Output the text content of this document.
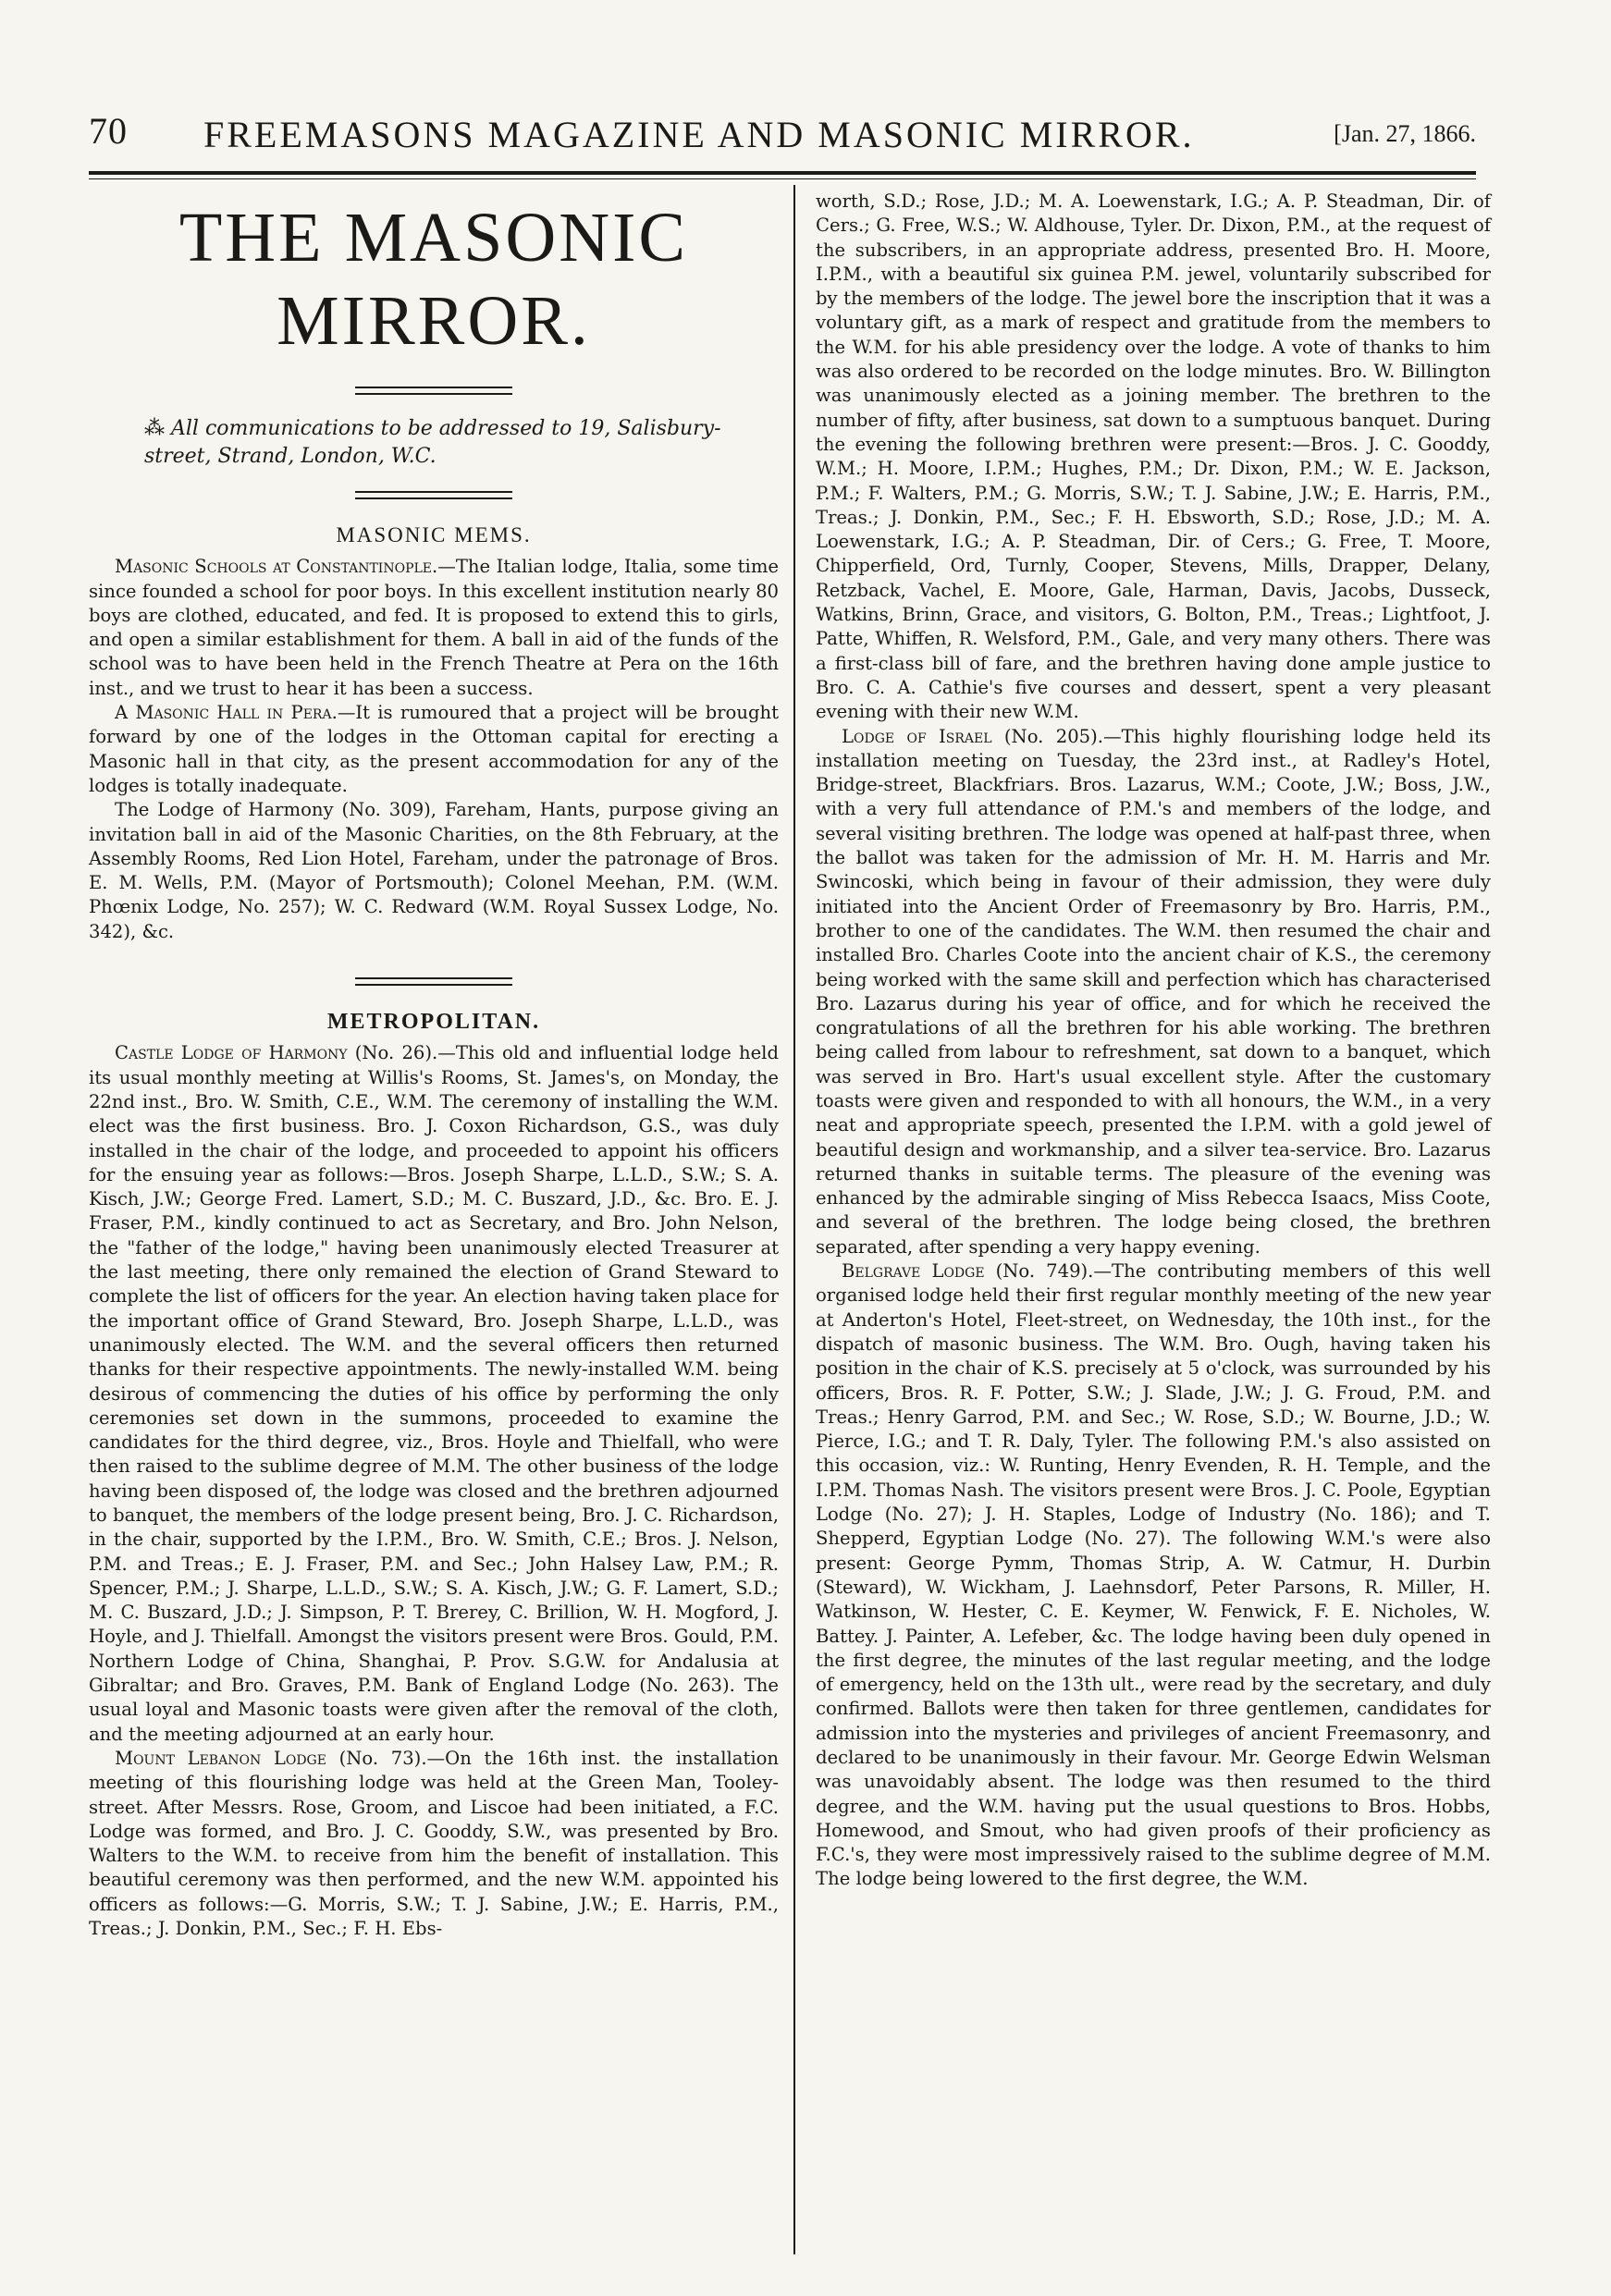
70 FREEMASONS MAGAZINE AND MASONIC MIRROR.	[Jan. 27, 1866.
THE MASONIC MIRROR.
⁂ All communications to be addressed to 19, Salisbury-street, Strand, London, W.C.
MASONIC MEMS.

Masonic Schools at Constantinople.—The Italian lodge, Italia, some time since founded a school for poor boys. In this excellent institution nearly 80 boys are clothed, educated, and fed. It is proposed to extend this to girls, and open a similar establishment for them. A ball in aid of the funds of the school was to have been held in the French Theatre at Pera on the 16th inst., and we trust to hear it has been a success.

A Masonic Hall in Pera.—It is rumoured that a project will be brought forward by one of the lodges in the Ottoman capital for erecting a Masonic hall in that city, as the present accommodation for any of the lodges is totally inadequate.

The Lodge of Harmony (No. 309), Fareham, Hants, purpose giving an invitation ball in aid of the Masonic Charities, on the 8th February, at the Assembly Rooms, Red Lion Hotel, Fareham, under the patronage of Bros. E. M. Wells, P.M. (Mayor of Portsmouth); Colonel Meehan, P.M. (W.M. Phœnix Lodge, No. 257); W. C. Redward (W.M. Royal Sussex Lodge, No. 342), &c.

METROPOLITAN.

Castle Lodge of Harmony (No. 26).—This old and influential lodge held its usual monthly meeting at Willis's Rooms, St. James's, on Monday, the 22nd inst., Bro. W. Smith, C.E., W.M. The ceremony of installing the W.M. elect was the first business. Bro. J. Coxon Richardson, G.S., was duly installed in the chair of the lodge, and proceeded to appoint his officers for the ensuing year as follows:—Bros. Joseph Sharpe, L.L.D., S.W.; S. A. Kisch, J.W.; George Fred. Lamert, S.D.; M. C. Buszard, J.D., &c. Bro. E. J. Fraser, P.M., kindly continued to act as Secretary, and Bro. John Nelson, the "father of the lodge," having been unanimously elected Treasurer at the last meeting, there only remained the election of Grand Steward to complete the list of officers for the year. An election having taken place for the important office of Grand Steward, Bro. Joseph Sharpe, L.L.D., was unanimously elected. The W.M. and the several officers then returned thanks for their respective appointments. The newly-installed W.M. being desirous of commencing the duties of his office by performing the only ceremonies set down in the summons, proceeded to examine the candidates for the third degree, viz., Bros. Hoyle and Thielfall, who were then raised to the sublime degree of M.M. The other business of the lodge having been disposed of, the lodge was closed and the brethren adjourned to banquet, the members of the lodge present being, Bro. J. C. Richardson, in the chair, supported by the I.P.M., Bro. W. Smith, C.E.; Bros. J. Nelson, P.M. and Treas.; E. J. Fraser, P.M. and Sec.; John Halsey Law, P.M.; R. Spencer, P.M.; J. Sharpe, L.L.D., S.W.; S. A. Kisch, J.W.; G. F. Lamert, S.D.; M. C. Buszard, J.D.; J. Simpson, P. T. Brerey, C. Brillion, W. H. Mogford, J. Hoyle, and J. Thielfall. Amongst the visitors present were Bros. Gould, P.M. Northern Lodge of China, Shanghai, P. Prov. S.G.W. for Andalusia at Gibraltar; and Bro. Graves, P.M. Bank of England Lodge (No. 263). The usual loyal and Masonic toasts were given after the removal of the cloth, and the meeting adjourned at an early hour.

Mount Lebanon Lodge (No. 73).—On the 16th inst. the installation meeting of this flourishing lodge was held at the Green Man, Tooley-street. After Messrs. Rose, Groom, and Liscoe had been initiated, a F.C. Lodge was formed, and Bro. J. C. Gooddy, S.W., was presented by Bro. Walters to the W.M. to receive from him the benefit of installation. This beautiful ceremony was then performed, and the new W.M. appointed his officers as follows:—G. Morris, S.W.; T. J. Sabine, J.W.; E. Harris, P.M., Treas.; J. Donkin, P.M., Sec.; F. H. Ebs-

worth, S.D.; Rose, J.D.; M. A. Loewenstark, I.G.; A. P. Steadman, Dir. of Cers.; G. Free, W.S.; W. Aldhouse, Tyler. Dr. Dixon, P.M., at the request of the subscribers, in an appropriate address, presented Bro. H. Moore, I.P.M., with a beautiful six guinea P.M. jewel, voluntarily subscribed for by the members of the lodge. The jewel bore the inscription that it was a voluntary gift, as a mark of respect and gratitude from the members to the W.M. for his able presidency over the lodge. A vote of thanks to him was also ordered to be recorded on the lodge minutes. Bro. W. Billington was unanimously elected as a joining member. The brethren to the number of fifty, after business, sat down to a sumptuous banquet. During the evening the following brethren were present:—Bros. J. C. Gooddy, W.M.; H. Moore, I.P.M.; Hughes, P.M.; Dr. Dixon, P.M.; W. E. Jackson, P.M.; F. Walters, P.M.; G. Morris, S.W.; T. J. Sabine, J.W.; E. Harris, P.M., Treas.; J. Donkin, P.M., Sec.; F. H. Ebsworth, S.D.; Rose, J.D.; M. A. Loewenstark, I.G.; A. P. Steadman, Dir. of Cers.; G. Free, T. Moore, Chipperfield, Ord, Turnly, Cooper, Stevens, Mills, Drapper, Delany, Retzback, Vachel, E. Moore, Gale, Harman, Davis, Jacobs, Dusseck, Watkins, Brinn, Grace, and visitors, G. Bolton, P.M., Treas.; Lightfoot, J. Patte, Whiffen, R. Welsford, P.M., Gale, and very many others. There was a first-class bill of fare, and the brethren having done ample justice to Bro. C. A. Cathie's five courses and dessert, spent a very pleasant evening with their new W.M.

Lodge of Israel (No. 205).—This highly flourishing lodge held its installation meeting on Tuesday, the 23rd inst., at Radley's Hotel, Bridge-street, Blackfriars. Bros. Lazarus, W.M.; Coote, J.W.; Boss, J.W., with a very full attendance of P.M.'s and members of the lodge, and several visiting brethren. The lodge was opened at half-past three, when the ballot was taken for the admission of Mr. H. M. Harris and Mr. Swincoski, which being in favour of their admission, they were duly initiated into the Ancient Order of Freemasonry by Bro. Harris, P.M., brother to one of the candidates. The W.M. then resumed the chair and installed Bro. Charles Coote into the ancient chair of K.S., the ceremony being worked with the same skill and perfection which has characterised Bro. Lazarus during his year of office, and for which he received the congratulations of all the brethren for his able working. The brethren being called from labour to refreshment, sat down to a banquet, which was served in Bro. Hart's usual excellent style. After the customary toasts were given and responded to with all honours, the W.M., in a very neat and appropriate speech, presented the I.P.M. with a gold jewel of beautiful design and workmanship, and a silver tea-service. Bro. Lazarus returned thanks in suitable terms. The pleasure of the evening was enhanced by the admirable singing of Miss Rebecca Isaacs, Miss Coote, and several of the brethren. The lodge being closed, the brethren separated, after spending a very happy evening.

Belgrave Lodge (No. 749).—The contributing members of this well organised lodge held their first regular monthly meeting of the new year at Anderton's Hotel, Fleet-street, on Wednesday, the 10th inst., for the dispatch of masonic business. The W.M. Bro. Ough, having taken his position in the chair of K.S. precisely at 5 o'clock, was surrounded by his officers, Bros. R. F. Potter, S.W.; J. Slade, J.W.; J. G. Froud, P.M. and Treas.; Henry Garrod, P.M. and Sec.; W. Rose, S.D.; W. Bourne, J.D.; W. Pierce, I.G.; and T. R. Daly, Tyler. The following P.M.'s also assisted on this occasion, viz.: W. Runting, Henry Evenden, R. H. Temple, and the I.P.M. Thomas Nash. The visitors present were Bros. J. C. Poole, Egyptian Lodge (No. 27); J. H. Staples, Lodge of Industry (No. 186); and T. Shepperd, Egyptian Lodge (No. 27). The following W.M.'s were also present: George Pymm, Thomas Strip, A. W. Catmur, H. Durbin (Steward), W. Wickham, J. Laehnsdorf, Peter Parsons, R. Miller, H. Watkinson, W. Hester, C. E. Keymer, W. Fenwick, F. E. Nicholes, W. Battey. J. Painter, A. Lefeber, &c. The lodge having been duly opened in the first degree, the minutes of the last regular meeting, and the lodge of emergency, held on the 13th ult., were read by the secretary, and duly confirmed. Ballots were then taken for three gentlemen, candidates for admission into the mysteries and privileges of ancient Freemasonry, and declared to be unanimously in their favour. Mr. George Edwin Welsman was unavoidably absent. The lodge was then resumed to the third degree, and the W.M. having put the usual questions to Bros. Hobbs, Homewood, and Smout, who had given proofs of their proficiency as F.C.'s, they were most impressively raised to the sublime degree of M.M. The lodge being lowered to the first degree, the W.M.
